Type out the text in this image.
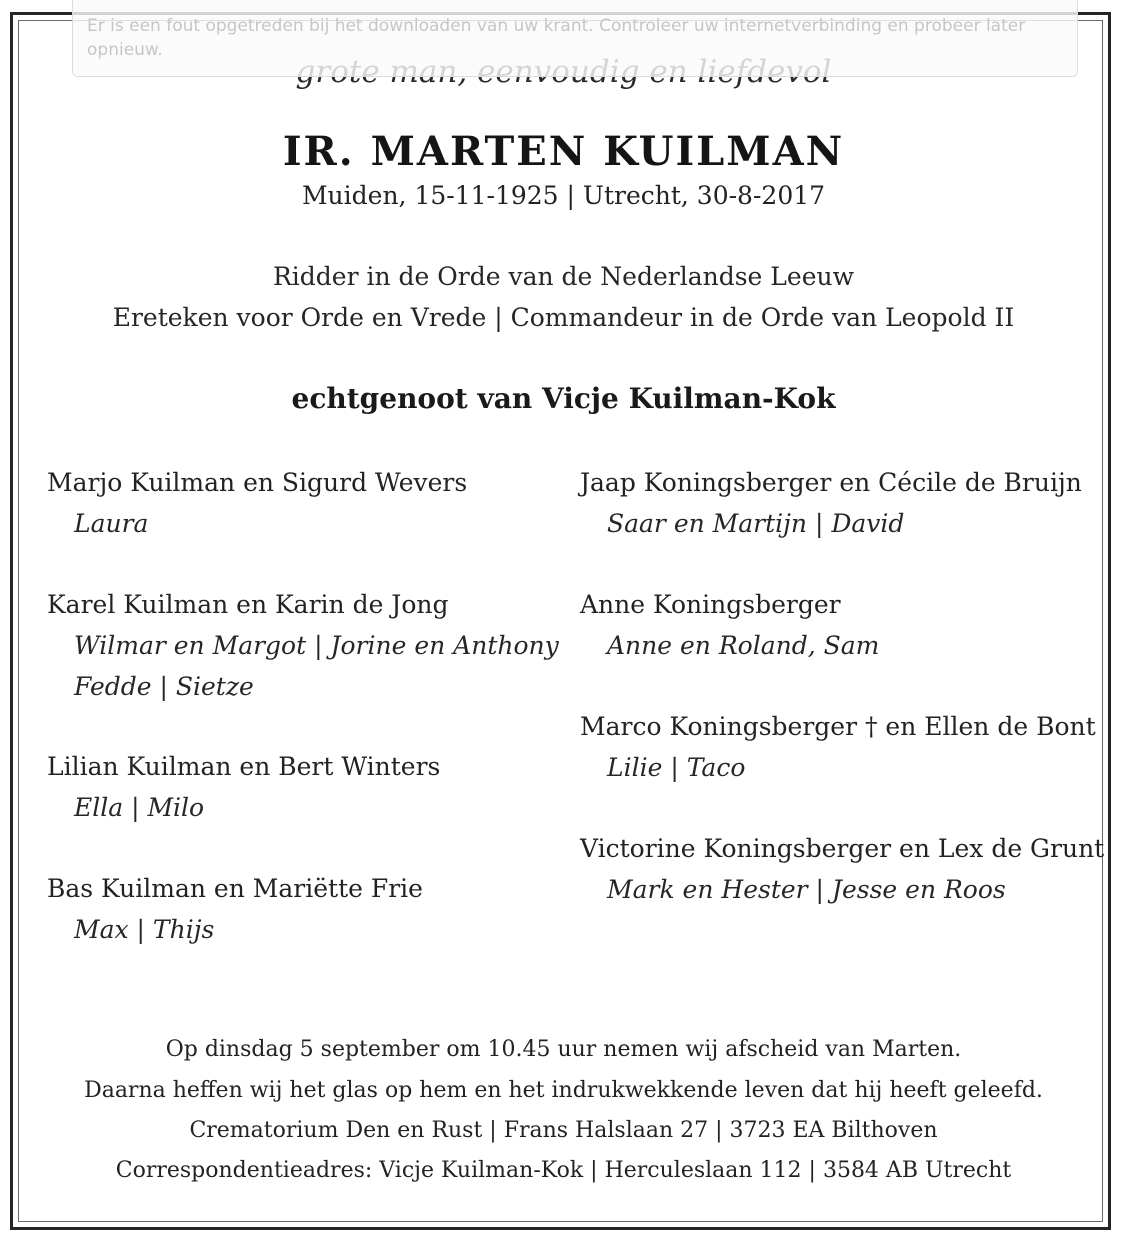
Er is een fout opgetreden bij het downloaden van uw krant. Controleer uw internetverbinding en probeer later opnieuw.
IR. MARTEN KUILMAN
Muiden, 15-11-1925 | Utrecht, 30-8-2017
Ridder in de Orde van de Nederlandse Leeuw
Ereteken voor Orde en Vrede | Commandeur in de Orde van Leopold II
echtgenoot van Vicje Kuilman-Kok
Marjo Kuilman en Sigurd Wevers
Laura
Karel Kuilman en Karin de Jong
Wilmar en Margot | Jorine en Anthony
Fedde | Sietze
Lilian Kuilman en Bert Winters
Ella | Milo
Bas Kuilman en Mariëtte Frie
Max | Thijs
Jaap Koningsberger en Cécile de Bruijn
Saar en Martijn | David
Anne Koningsberger
Anne en Roland, Sam
Marco Koningsberger † en Ellen de Bont
Lilie | Taco
Victorine Koningsberger en Lex de Grunt
Mark en Hester | Jesse en Roos
Op dinsdag 5 september om 10.45 uur nemen wij afscheid van Marten.
Daarna heffen wij het glas op hem en het indrukwekkende leven dat hij heeft geleefd.
Crematorium Den en Rust | Frans Halslaan 27 | 3723 EA Bilthoven
Correspondentieadres: Vicje Kuilman-Kok | Herculeslaan 112 | 3584 AB Utrecht
